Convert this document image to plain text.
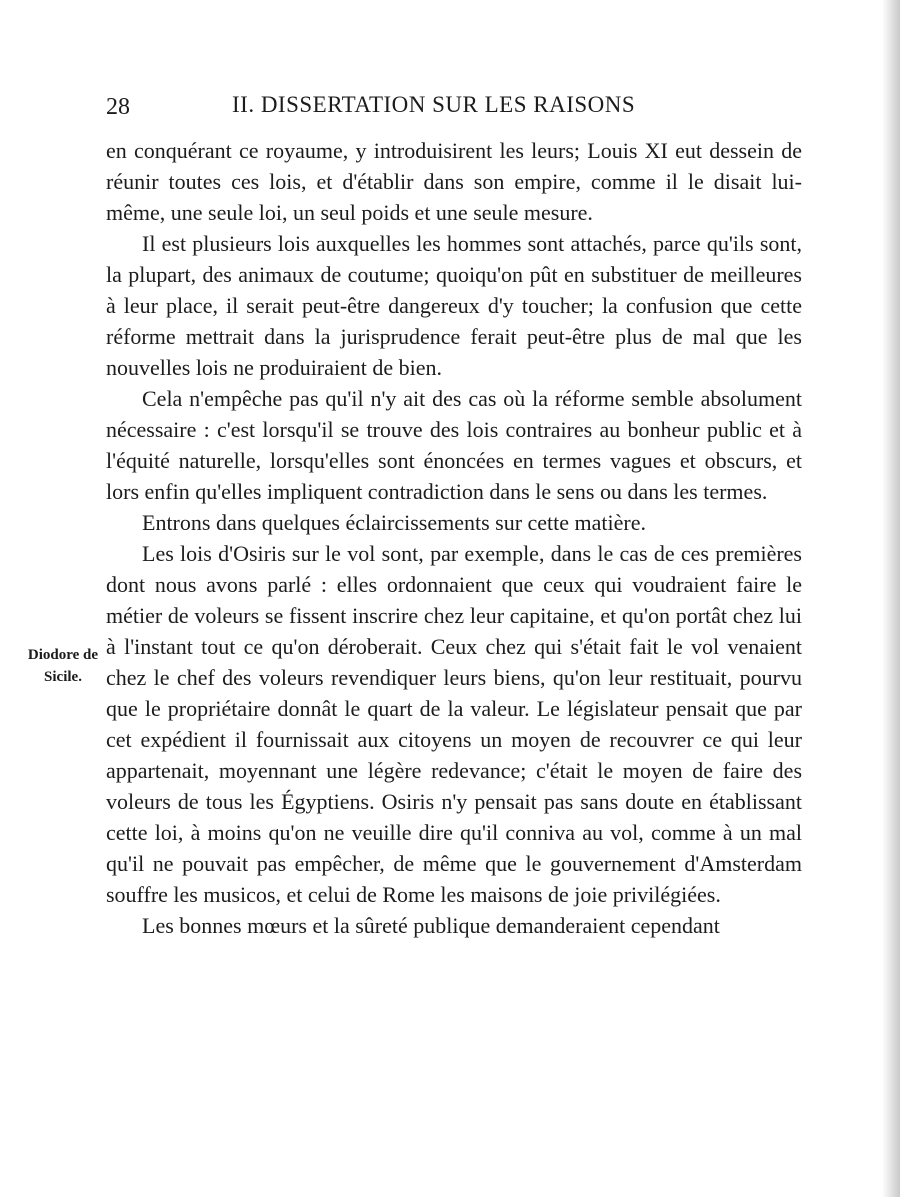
28	II. DISSERTATION SUR LES RAISONS
Diodore de
Sicile.

en conquérant ce royaume, y introduisirent les leurs; Louis XI eut dessein de réunir toutes ces lois, et d'établir dans son empire, comme il le disait lui-même, une seule loi, un seul poids et une seule mesure.

Il est plusieurs lois auxquelles les hommes sont attachés, parce qu'ils sont, la plupart, des animaux de coutume; quoiqu'on pût en substituer de meilleures à leur place, il serait peut-être dangereux d'y toucher; la confusion que cette réforme mettrait dans la jurisprudence ferait peut-être plus de mal que les nouvelles lois ne produiraient de bien.

Cela n'empêche pas qu'il n'y ait des cas où la réforme semble absolument nécessaire : c'est lorsqu'il se trouve des lois contraires au bonheur public et à l'équité naturelle, lorsqu'elles sont énoncées en termes vagues et obscurs, et lors enfin qu'elles impliquent contradiction dans le sens ou dans les termes.

Entrons dans quelques éclaircissements sur cette matière.

Les lois d'Osiris sur le vol sont, par exemple, dans le cas de ces premières dont nous avons parlé : elles ordonnaient que ceux qui voudraient faire le métier de voleurs se fissent inscrire chez leur capitaine, et qu'on portât chez lui à l'instant tout ce qu'on déroberait. Ceux chez qui s'était fait le vol venaient chez le chef des voleurs revendiquer leurs biens, qu'on leur restituait, pourvu que le propriétaire donnât le quart de la valeur. Le législateur pensait que par cet expédient il fournissait aux citoyens un moyen de recouvrer ce qui leur appartenait, moyennant une légère redevance; c'était le moyen de faire des voleurs de tous les Égyptiens. Osiris n'y pensait pas sans doute en établissant cette loi, à moins qu'on ne veuille dire qu'il conniva au vol, comme à un mal qu'il ne pouvait pas empêcher, de même que le gouvernement d'Amsterdam souffre les musicos, et celui de Rome les maisons de joie privilégiées.

Les bonnes mœurs et la sûreté publique demanderaient cependant
